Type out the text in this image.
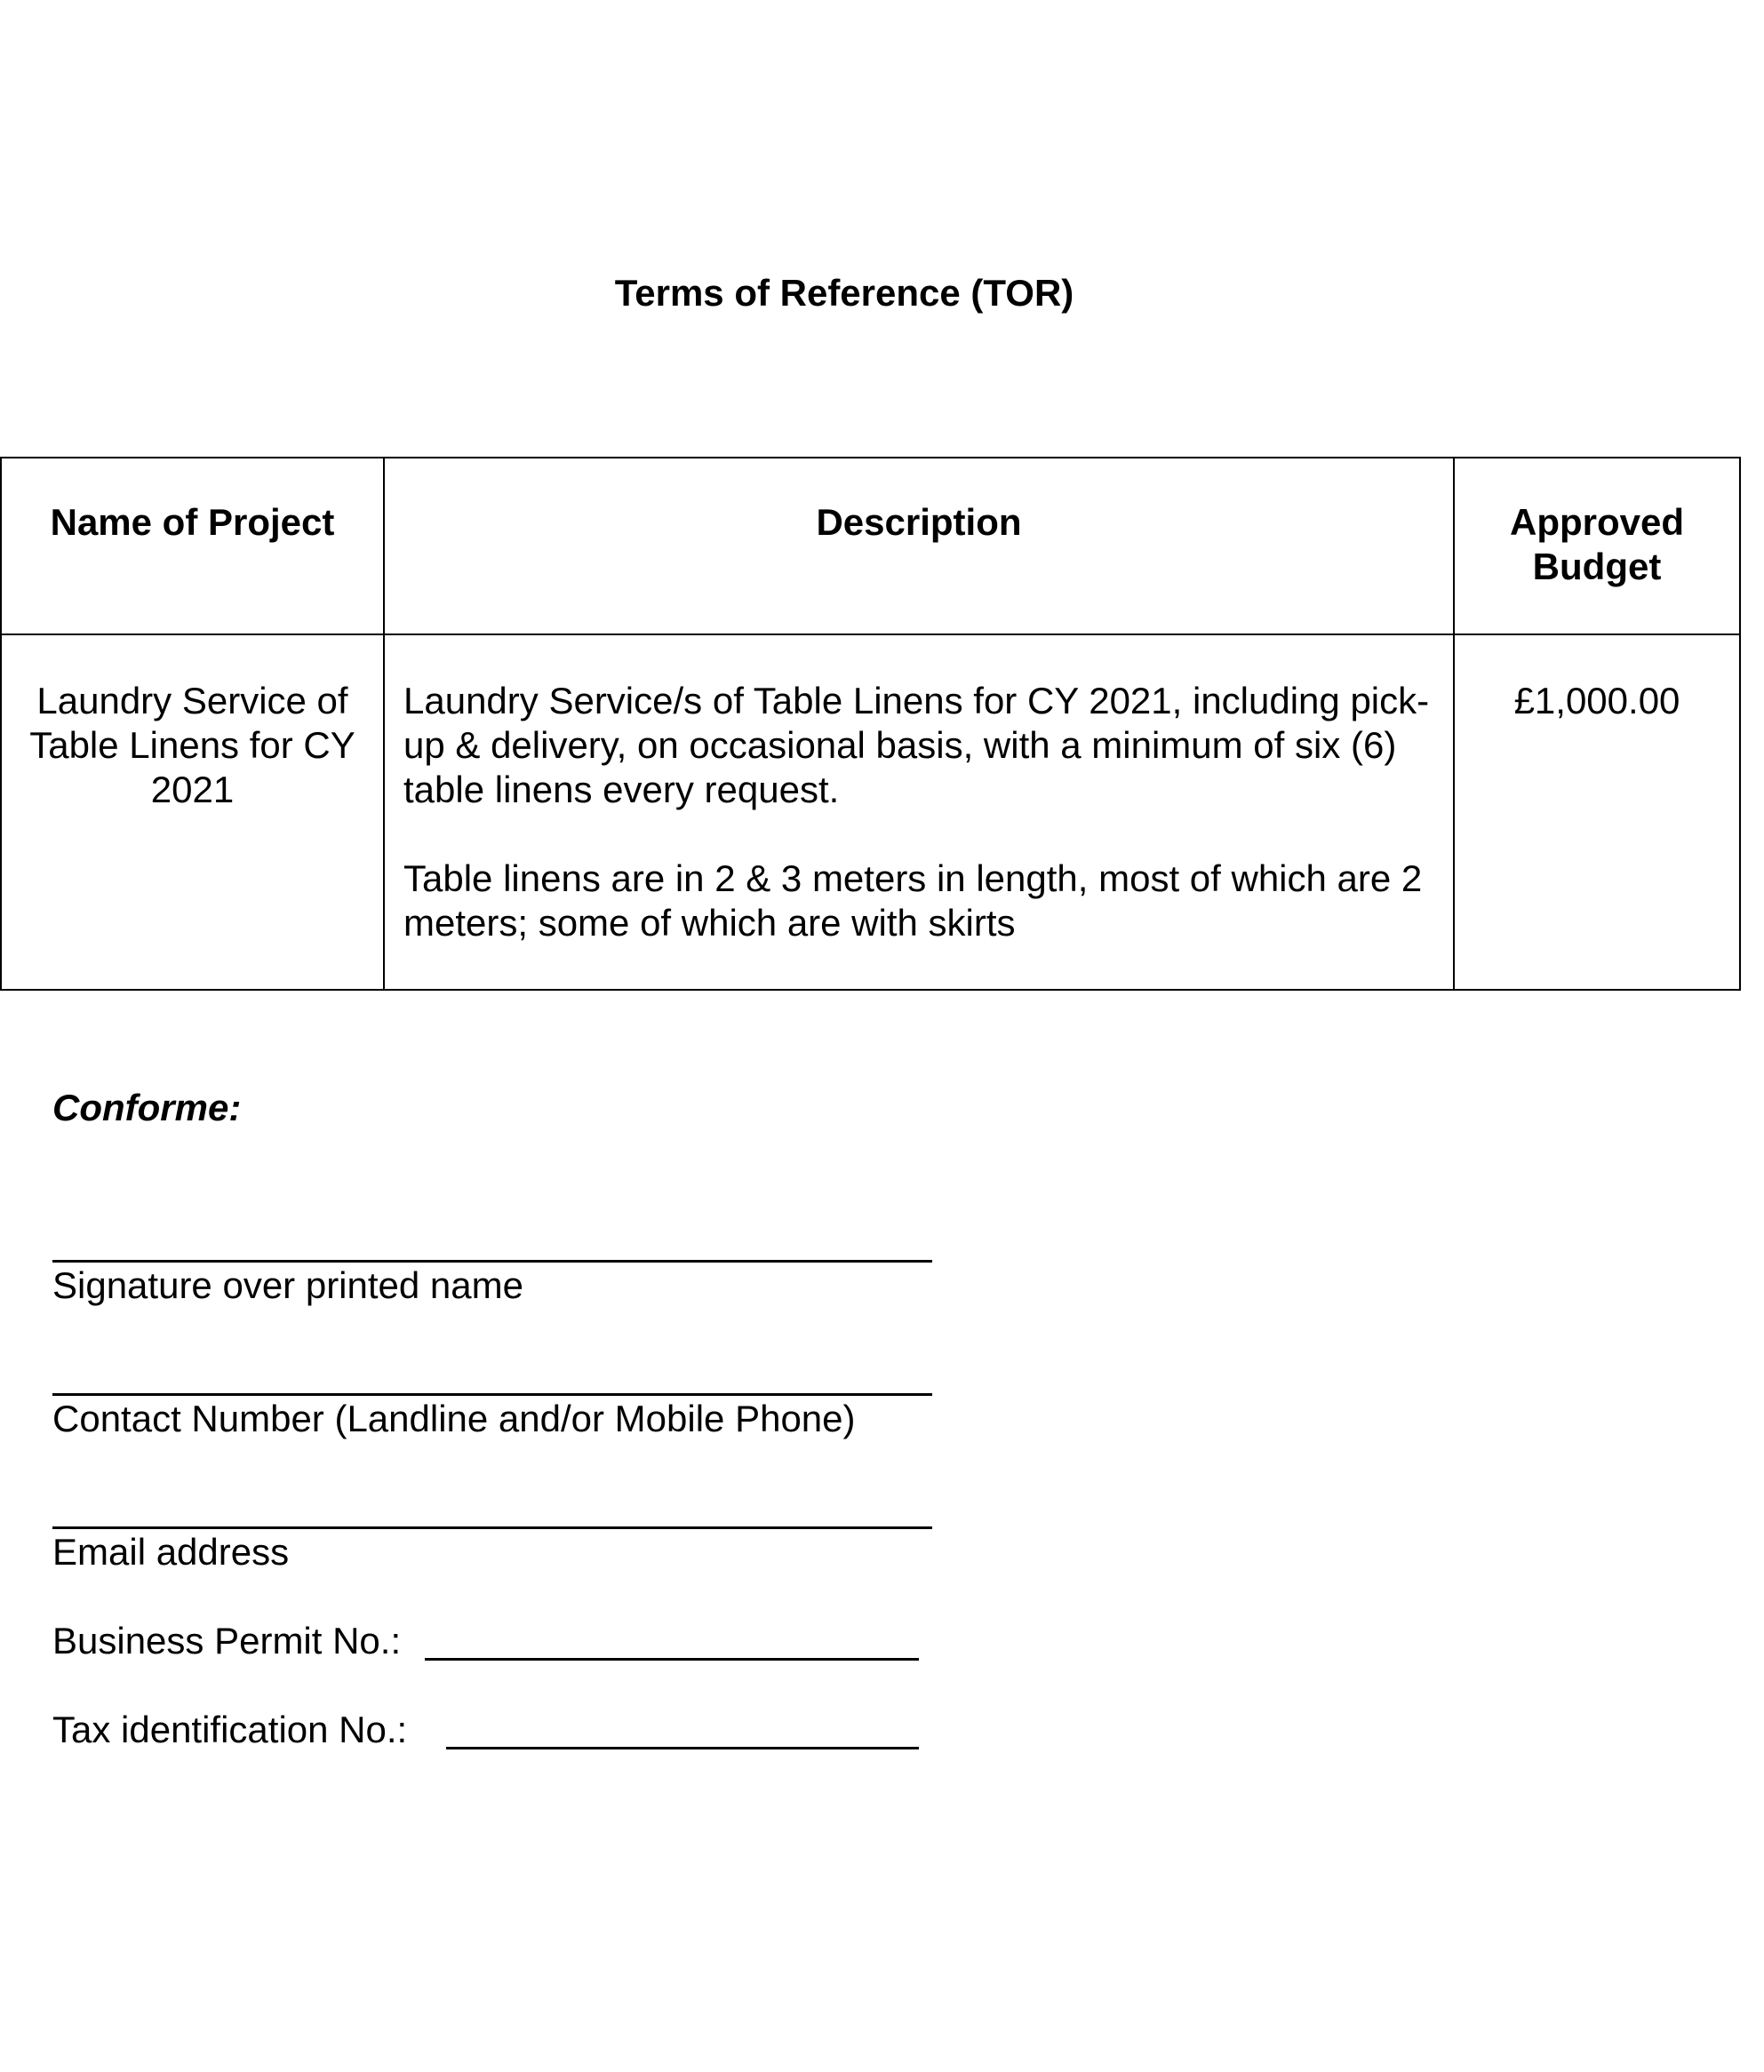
Terms of Reference (TOR)
Name of Project	Description	Approved
Budget
Laundry Service of Table Linens for CY 2021	Laundry Service/s of Table Linens for CY 2021, including pick-up & delivery, on occasional basis, with a minimum of six (6) table linens every request.

Table linens are in 2 & 3 meters in length, most of which are 2 meters; some of which are with skirts	£1,000.00
Conforme:
Signature over printed name
Contact Number (Landline and/or Mobile Phone)
Email address
Business Permit No.:
Tax identification No.:
